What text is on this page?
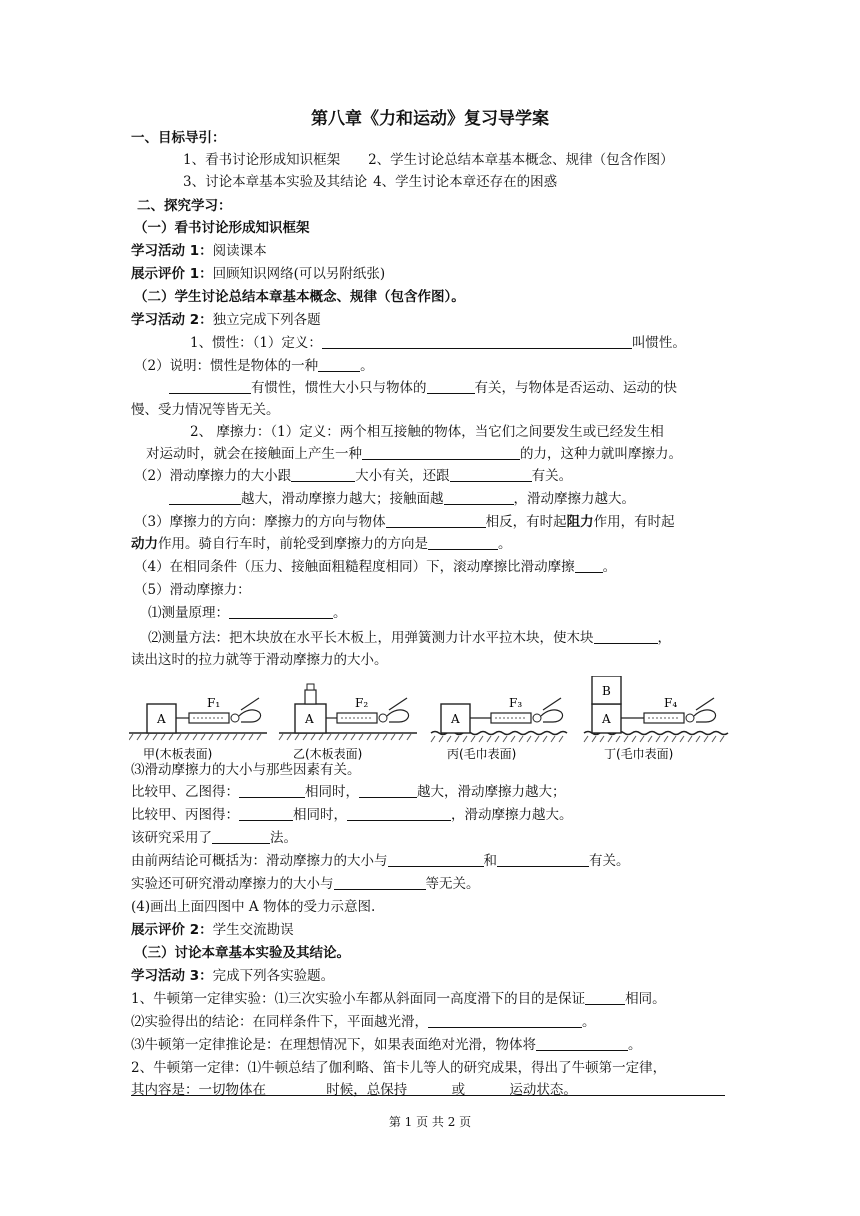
第八章《力和运动》复习导学案
一、目标导引：
1、看书讨论形成知识框架 2、学生讨论总结本章基本概念、规律（包含作图）
3、讨论本章基本实验及其结论 4、学生讨论本章还存在的困惑
二、探究学习：
（一）看书讨论形成知识框架
学习活动 1：阅读课本
展示评价 1：回顾知识网络(可以另附纸张)
（二）学生讨论总结本章基本概念、规律（包含作图）。
学习活动 2：独立完成下列各题
1、惯性：（1）定义：	叫惯性。
（2）说明：惯性是物体的一种	。
有惯性，惯性大小只与物体的	有关，与物体是否运动、运动的快
慢、受力情况等皆无关。
2、 摩擦力：（1）定义：两个相互接触的物体，当它们之间要发生或已经发生相
对运动时，就会在接触面上产生一种	的力，这种力就叫摩擦力。
（2）滑动摩擦力的大小跟	大小有关，还跟	有关。
越大，滑动摩擦力越大；接触面越	，滑动摩擦力越大。
（3）摩擦力的方向：摩擦力的方向与物体	相反，有时起阻力作用，有时起
动力作用。骑自行车时，前轮受到摩擦力的方向是	。
（4）在相同条件（压力、接触面粗糙程度相同）下，滚动摩擦比滑动摩擦 。
（5）滑动摩擦力：
⑴测量原理：	。
⑵测量方法：把木块放在水平长木板上，用弹簧测力计水平拉木块，使木块	，
读出这时的拉力就等于滑动摩擦力的大小。
F₁
A
甲(木板表面)
F₂
A
乙(木板表面)
F₃
A
丙(毛巾表面)
F₄
A
B
丁(毛巾表面)
⑶滑动摩擦力的大小与那些因素有关。
比较甲、乙图得：	相同时，	越大，滑动摩擦力越大；
比较甲、丙图得：	相同时，	，滑动摩擦力越大。
该研究采用了	法。
由前两结论可概括为：滑动摩擦力的大小与	和	有关。
实验还可研究滑动摩擦力的大小与	等无关。
(4)画出上面四图中 A 物体的受力示意图.
展示评价 2：学生交流勘误
（三）讨论本章基本实验及其结论。
学习活动 3：完成下列各实验题。
1、牛顿第一定律实验：⑴三次实验小车都从斜面同一高度滑下的目的是保证	相同。
⑵实验得出的结论：在同样条件下，平面越光滑，	。
⑶牛顿第一定律推论是：在理想情况下，如果表面绝对光滑，物体将	。
2、牛顿第一定律：⑴牛顿总结了伽利略、笛卡儿等人的研究成果，得出了牛顿第一定律，
其内容是：一切物体在	时候，总保持	或	运动状态。
第 1 页 共 2 页
